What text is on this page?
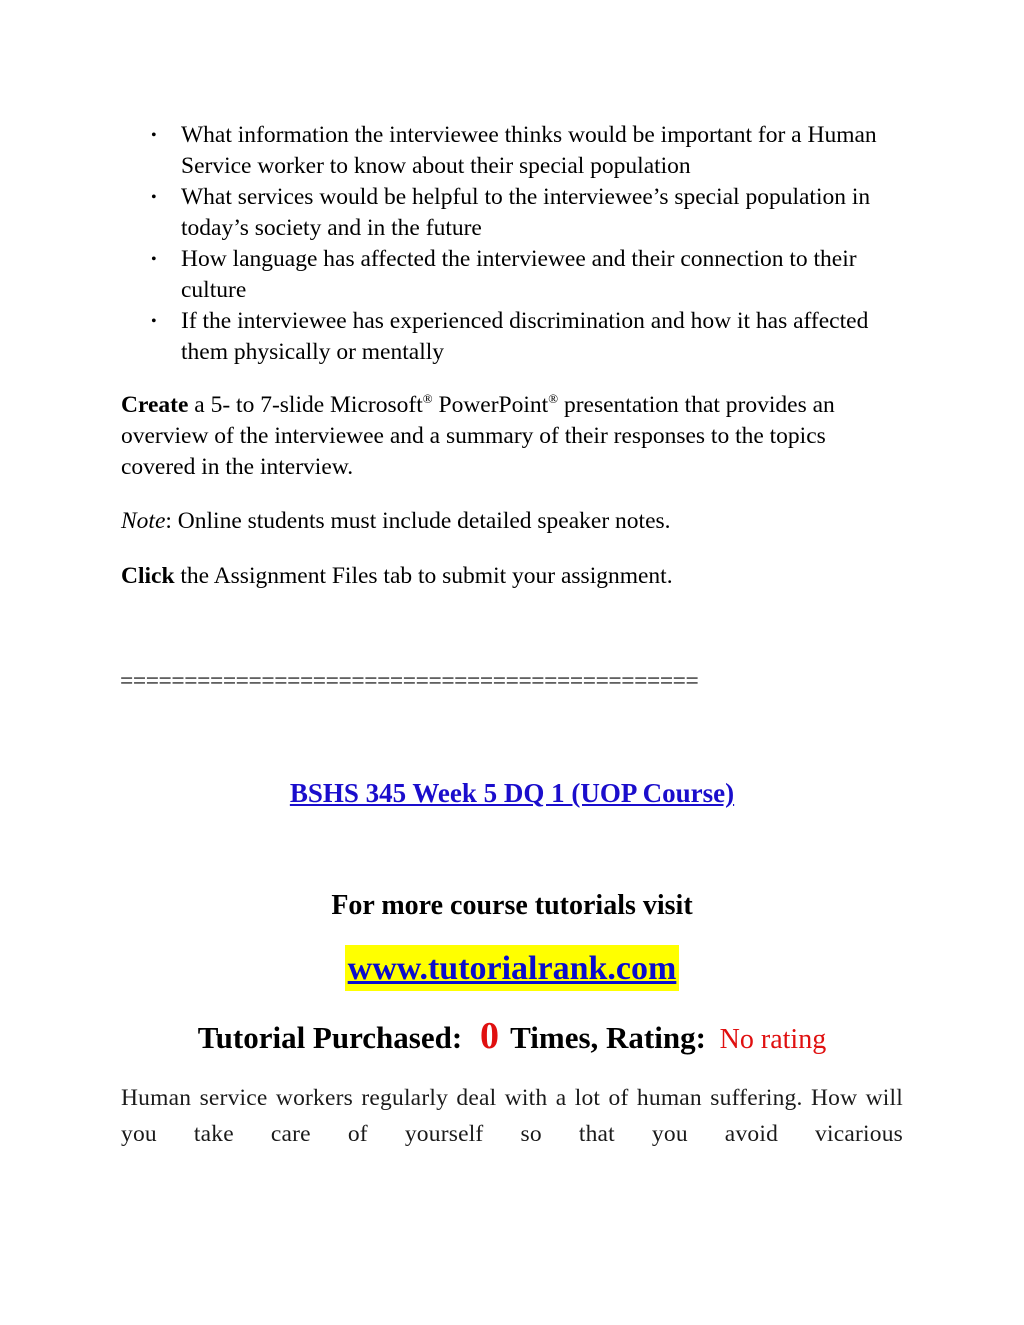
• What information the interviewee thinks would be important for a Human Service worker to know about their special population
• What services would be helpful to the interviewee’s special population in today’s society and in the future
• How language has affected the interviewee and their connection to their culture
• If the interviewee has experienced discrimination and how it has affected them physically or mentally

Create a 5- to 7-slide Microsoft® PowerPoint® presentation that provides an overview of the interviewee and a summary of their responses to the topics covered in the interview.

Note: Online students must include detailed speaker notes.

Click the Assignment Files tab to submit your assignment.

=============================================
BSHS 345 Week 5 DQ 1 (UOP Course)
For more course tutorials visit
www.tutorialrank.com
Tutorial Purchased: 0 Times, Rating: No rating

Human service workers regularly deal with a lot of human suffering. How will you take care of yourself so that you avoid vicarious
